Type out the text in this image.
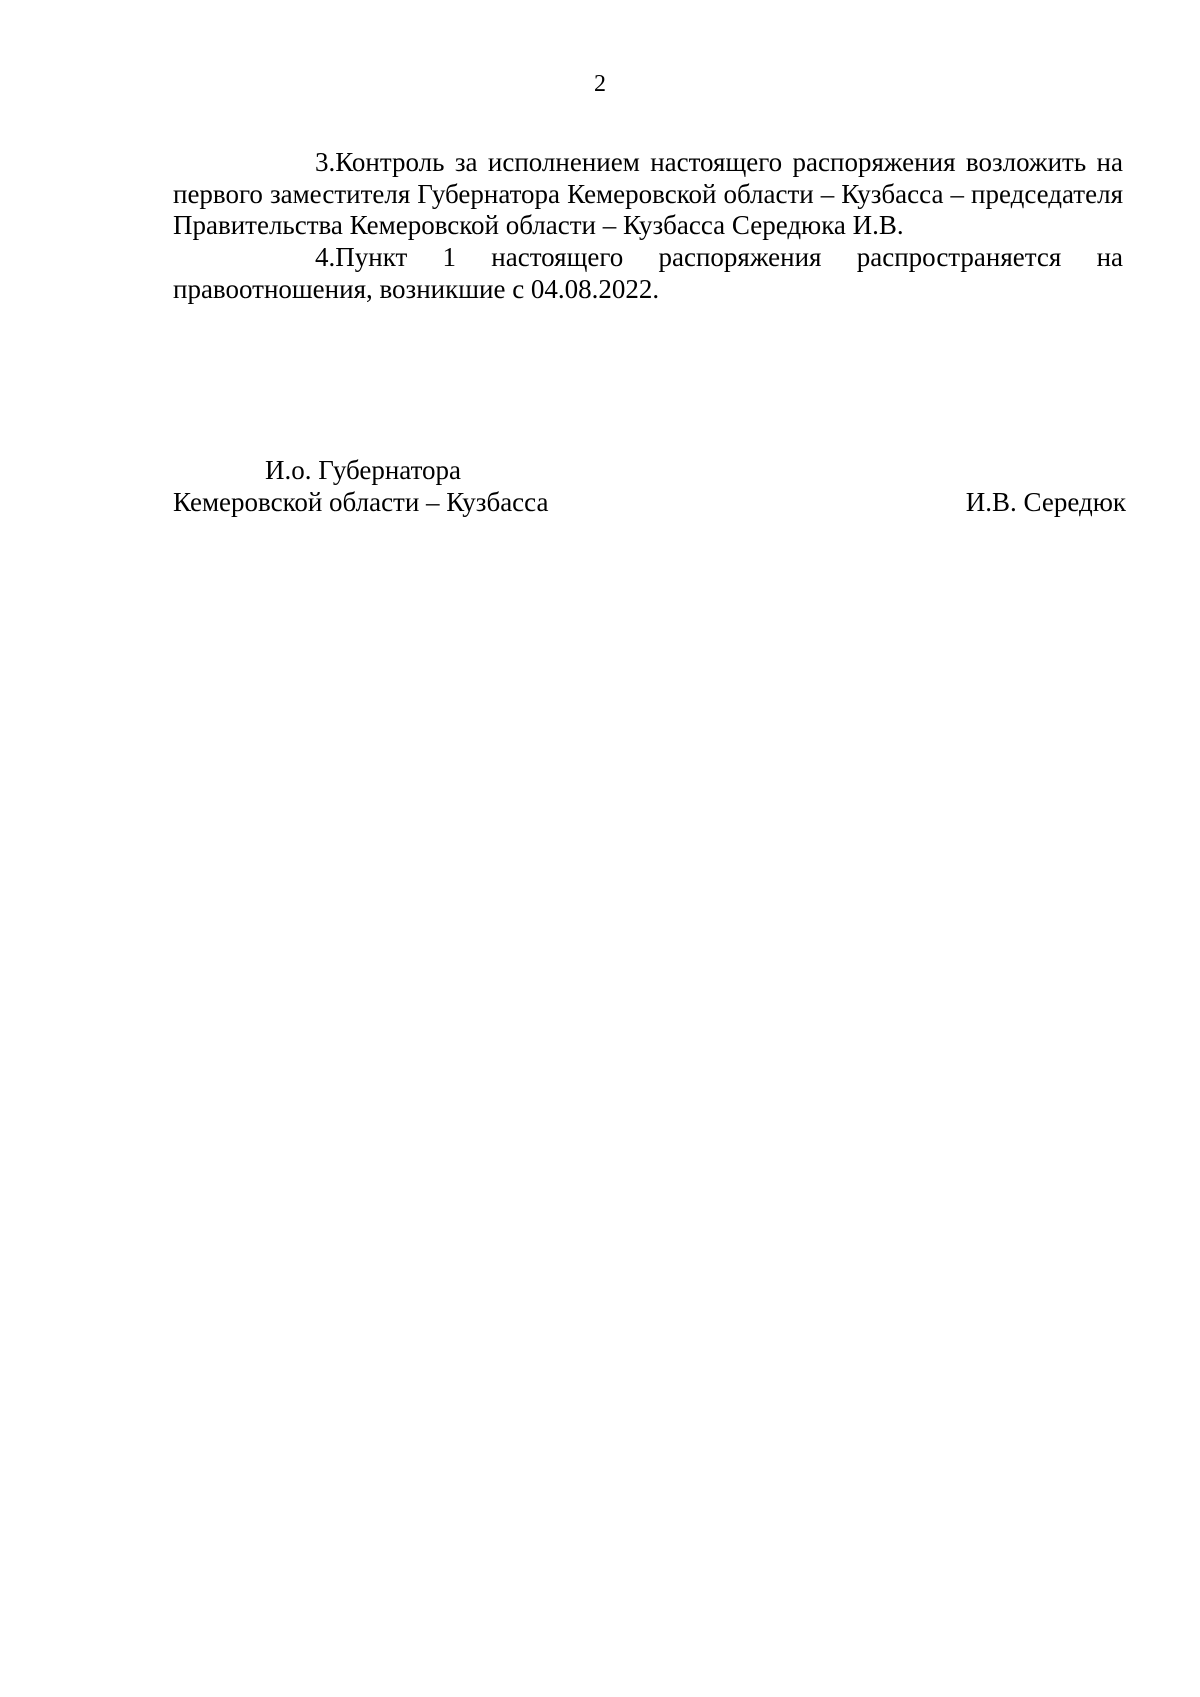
2

3.Контроль за исполнением настоящего распоряжения возложить на первого заместителя Губернатора Кемеровской области – Кузбасса – председателя Правительства Кемеровской области – Кузбасса Середюка И.В.

4.Пункт 1 настоящего распоряжения распространяется на правоотношения, возникшие с 04.08.2022.

И.о. Губернатора
Кемеровской области – Кузбасса	И.В. Середюк
